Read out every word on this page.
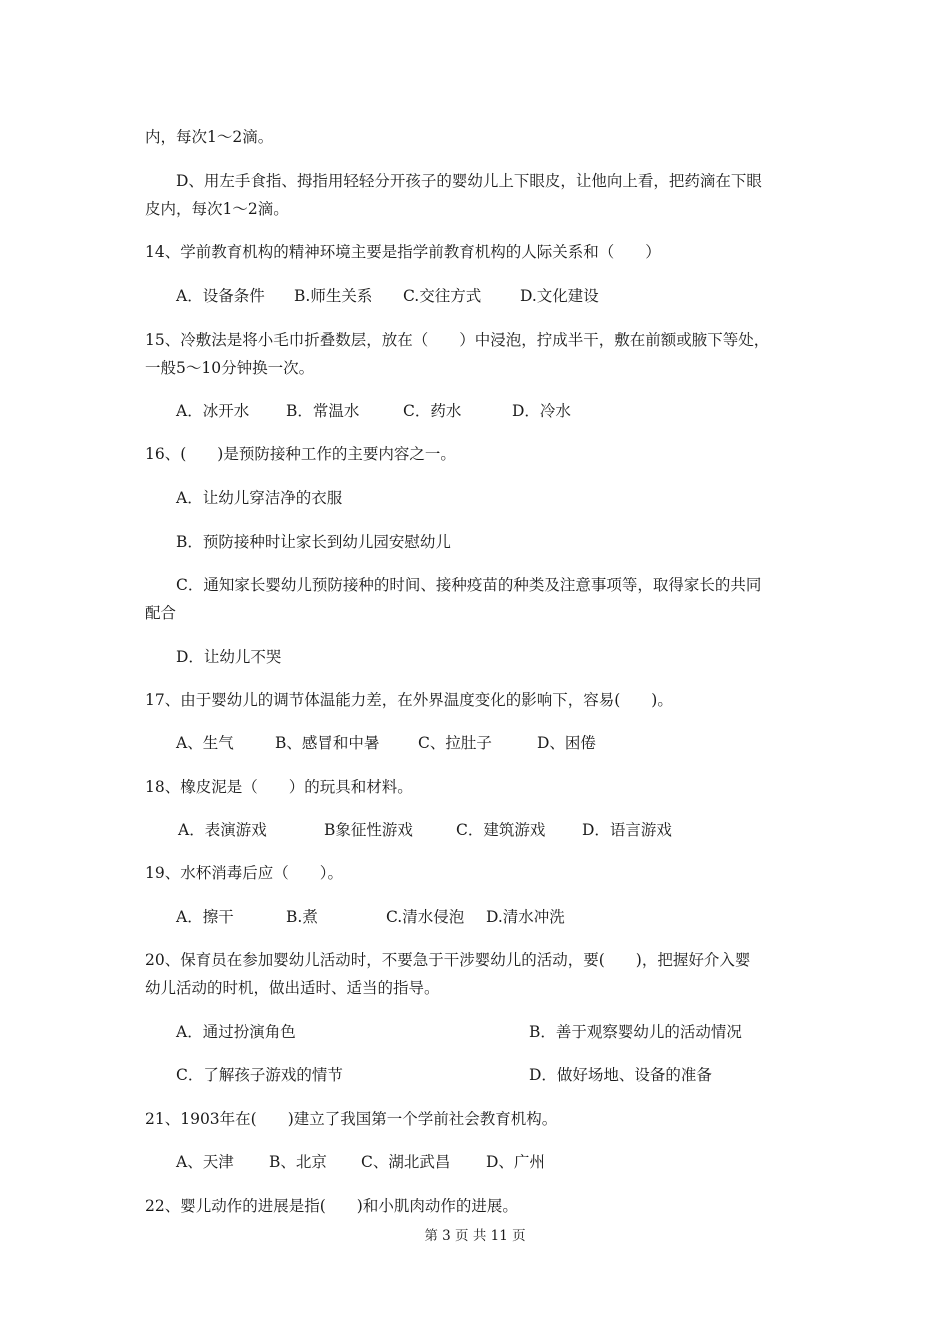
内，每次1～2滴。
D、用左手食指、拇指用轻轻分开孩子的婴幼儿上下眼皮，让他向上看，把药滴在下眼
皮内，每次1～2滴。
14、学前教育机构的精神环境主要是指学前教育机构的人际关系和（　　）
A．设备条件 B.师生关系 C.交往方式	D.文化建设
15、冷敷法是将小毛巾折叠数层，放在（　　）中浸泡，拧成半干，敷在前额或腋下等处，
一般5～10分钟换一次。
A．冰开水 B．常温水	C．药水	D．冷水
16、(　　)是预防接种工作的主要内容之一。
A．让幼儿穿洁净的衣服
B．预防接种时让家长到幼儿园安慰幼儿
C．通知家长婴幼儿预防接种的时间、接种疫苗的种类及注意事项等，取得家长的共同
配合
D．让幼儿不哭
17、由于婴幼儿的调节体温能力差，在外界温度变化的影响下，容易(　　)。
A、生气	B、感冒和中暑 C、拉肚子	D、困倦
18、橡皮泥是（　　）的玩具和材料。
A．表演游戏	B象征性游戏	C．建筑游戏 D．语言游戏
19、水杯消毒后应（　　）。
A．擦干	B.煮	C.清水侵泡 D.清水冲洗
20、保育员在参加婴幼儿活动时，不要急于干涉婴幼儿的活动，要(　　)，把握好介入婴
幼儿活动的时机，做出适时、适当的指导。
A．通过扮演角色	B．善于观察婴幼儿的活动情况
C．了解孩子游戏的情节	D．做好场地、设备的准备
21、1903年在(　　)建立了我国第一个学前社会教育机构。
A、天津 B、北京 C、湖北武昌 D、广州
22、婴儿动作的进展是指(　　)和小肌肉动作的进展。
第 3 页 共 11 页
